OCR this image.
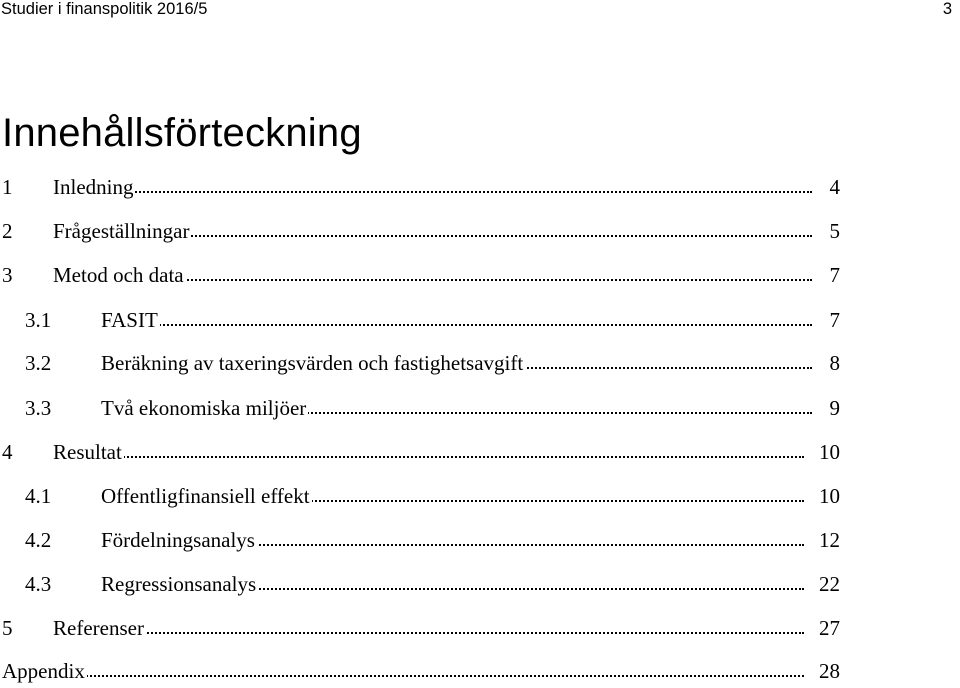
Studier i finanspolitik 2016/5	3
Innehållsförteckning
1 Inledning	4
2 Frågeställningar	5
3 Metod och data	7
3.1 FASIT	7
3.2 Beräkning av taxeringsvärden och fastighetsavgift	8
3.3 Två ekonomiska miljöer	9
4 Resultat	10
4.1 Offentligfinansiell effekt	10
4.2 Fördelningsanalys	12
4.3 Regressionsanalys	22
5 Referenser	27
Appendix	28
